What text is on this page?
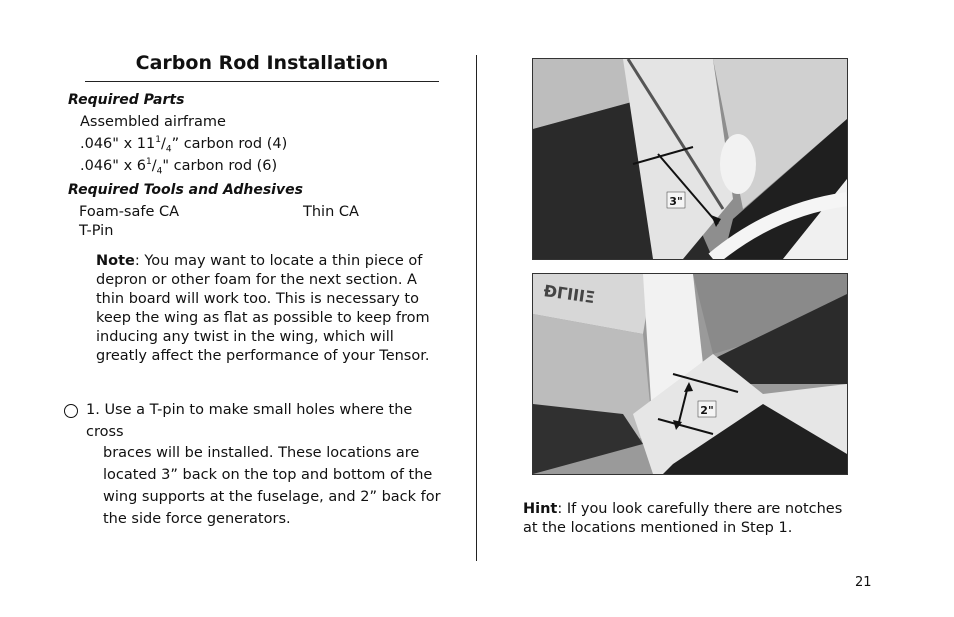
Carbon Rod Installation
Required Parts
Assembled airframe
.046" x $11^1/_4$” carbon rod (4)
.046" x $6^1/_4$" carbon rod (6)
Required Tools and Adhesives
Foam-safe CA
T-Pin
Thin CA
Note: You may want to locate a thin piece of depron or other foam for the next section. A thin board will work too. This is necessary to keep the wing as flat as possible to keep from inducing any twist in the wing, which will greatly affect the performance of your Tensor.
1. Use a T-pin to make small holes where the cross
braces will be installed. These locations are
located 3” back on the top and bottom of the
wing supports at the fuselage, and 2” back for
the side force generators.
3"
ĐΓΙΙΙΞ
2"
Hint: If you look carefully there are notches at the locations mentioned in Step 1.
21
